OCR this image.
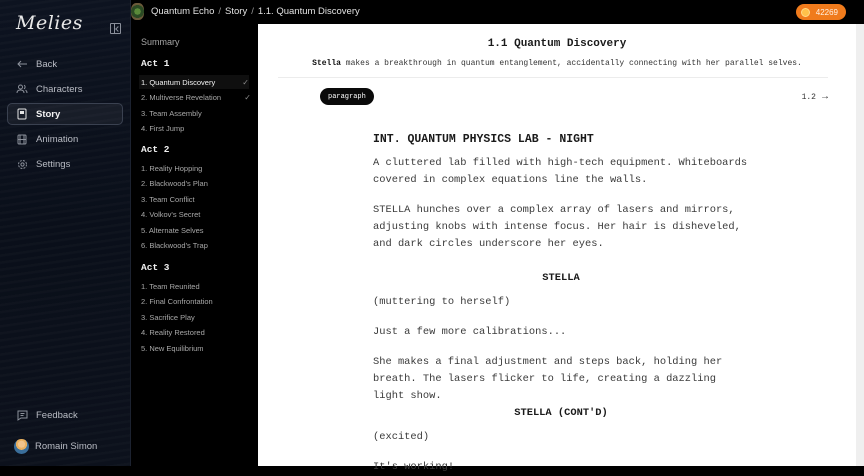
Melies
Back
Characters
Story
Animation
Settings
Feedback
Romain Simon
Quantum Echo / Story / 1.1. Quantum Discovery	42269
Summary
Act 1
1. Quantum Discovery	✓
2. Multiverse Revelation	✓
3. Team Assembly
4. First Jump
Act 2
1. Reality Hopping
2. Blackwood's Plan
3. Team Conflict
4. Volkov's Secret
5. Alternate Selves
6. Blackwood's Trap
Act 3
1. Team Reunited
2. Final Confrontation
3. Sacrifice Play
4. Reality Restored
5. New Equilibrium
1.1 Quantum Discovery
Stella makes a breakthrough in quantum entanglement, accidentally connecting with her parallel selves.
paragraph	1.2 →
INT. QUANTUM PHYSICS LAB - NIGHT
A cluttered lab filled with high-tech equipment. Whiteboards covered in complex equations line the walls.
STELLA hunches over a complex array of lasers and mirrors, adjusting knobs with intense focus. Her hair is disheveled, and dark circles underscore her eyes.
STELLA
(muttering to herself)
Just a few more calibrations...
She makes a final adjustment and steps back, holding her breath. The lasers flicker to life, creating a dazzling light show.
STELLA (CONT'D)
(excited)
It's working!
